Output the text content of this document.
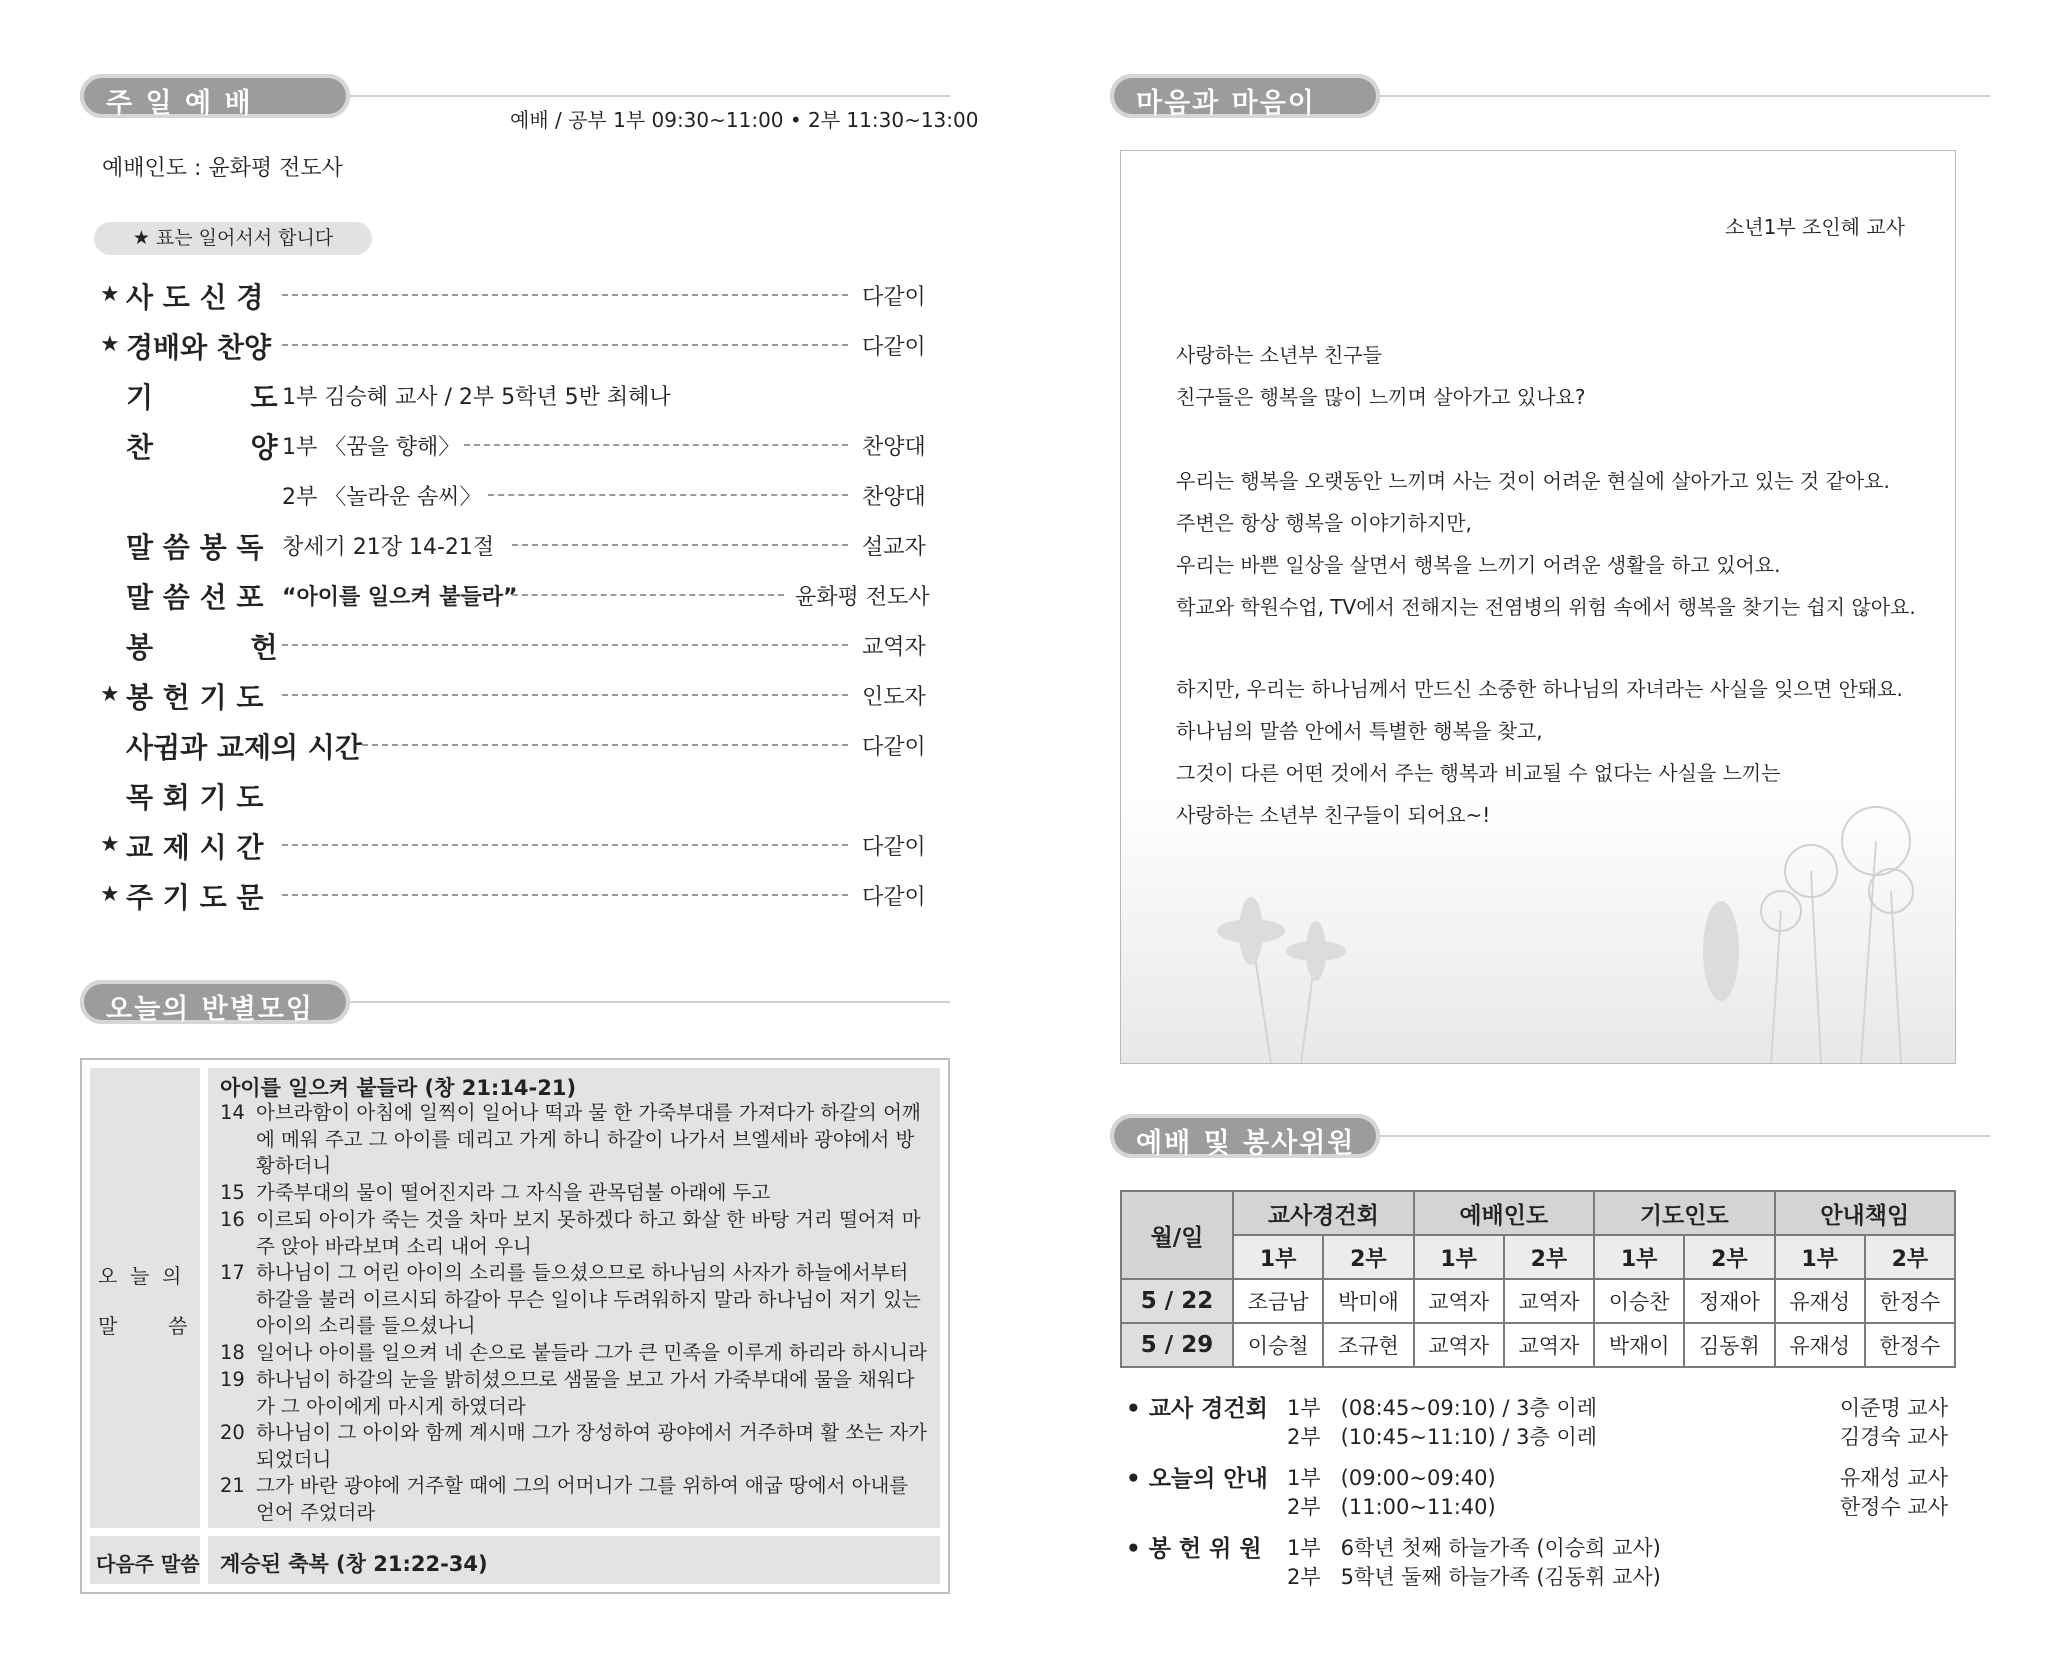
주 일 예 배
예배 / 공부 1부 09:30~11:00 • 2부 11:30~13:00
예배인도 : 윤화평 전도사
★ 표는 일어서서 합니다
★ 사 도 신 경	다같이
★ 경배와 찬양	다같이
기          도 1부 김승혜 교사 / 2부 5학년 5반 최혜나
찬          양 1부 〈꿈을 향해〉	찬양대
2부 〈놀라운 솜씨〉	찬양대
말 씀 봉 독 창세기 21장 14-21절	설교자
말 씀 선 포 “아이를 일으켜 붙들라”	윤화평 전도사
봉          헌	교역자
★ 봉 헌 기 도	인도자
사귐과 교제의 시간	다같이
목 회 기 도
★ 교 제 시 간	다같이
★ 주 기 도 문	다같이
오늘의 반별모임
오  늘  의
말        씀
아이를 일으켜 붙들라 (창 21:14-21)
14 아브라함이 아침에 일찍이 일어나 떡과 물 한 가죽부대를 가져다가 하갈의 어깨에 메워 주고 그 아이를 데리고 가게 하니 하갈이 나가서 브엘세바 광야에서 방황하더니
15 가죽부대의 물이 떨어진지라 그 자식을 관목덤불 아래에 두고
16 이르되 아이가 죽는 것을 차마 보지 못하겠다 하고 화살 한 바탕 거리 떨어져 마주 앉아 바라보며 소리 내어 우니
17 하나님이 그 어린 아이의 소리를 들으셨으므로 하나님의 사자가 하늘에서부터 하갈을 불러 이르시되 하갈아 무슨 일이냐 두려워하지 말라 하나님이 저기 있는 아이의 소리를 들으셨나니
18 일어나 아이를 일으켜 네 손으로 붙들라 그가 큰 민족을 이루게 하리라 하시니라
19 하나님이 하갈의 눈을 밝히셨으므로 샘물을 보고 가서 가죽부대에 물을 채워다가 그 아이에게 마시게 하였더라
20 하나님이 그 아이와 함께 계시매 그가 장성하여 광야에서 거주하며 활 쏘는 자가 되었더니
21 그가 바란 광야에 거주할 때에 그의 어머니가 그를 위하여 애굽 땅에서 아내를 얻어 주었더라
다음주 말씀 계승된 축복 (창 21:22-34)
마음과 마음이
소년1부 조인혜 교사
사랑하는 소년부 친구들
친구들은 행복을 많이 느끼며 살아가고 있나요?
우리는 행복을 오랫동안 느끼며 사는 것이 어려운 현실에 살아가고 있는 것 같아요.
주변은 항상 행복을 이야기하지만,
우리는 바쁜 일상을 살면서 행복을 느끼기 어려운 생활을 하고 있어요.
학교와 학원수업, TV에서 전해지는 전염병의 위험 속에서 행복을 찾기는 쉽지 않아요.
하지만, 우리는 하나님께서 만드신 소중한 하나님의 자녀라는 사실을 잊으면 안돼요.
하나님의 말씀 안에서 특별한 행복을 찾고,
그것이 다른 어떤 것에서 주는 행복과 비교될 수 없다는 사실을 느끼는
사랑하는 소년부 친구들이 되어요~!
예배 및 봉사위원
월/일	교사경건회		예배인도		기도인도		안내책임	
	1부	2부	1부	2부	1부	2부	1부	2부
5 / 22	조금남	박미애	교역자	교역자	이승찬	정재아	유재성	한정수
5 / 29	이승철	조규현	교역자	교역자	박재이	김동휘	유재성	한정수
• 교사 경건회 1부   (08:45~09:10) / 3층 이레
2부   (10:45~11:10) / 3층 이레
이준명 교사
김경숙 교사
• 오늘의 안내 1부   (09:00~09:40)
2부   (11:00~11:40)
유재성 교사
한정수 교사
• 봉 헌 위 원 1부   6학년 첫째 하늘가족 (이승희 교사)
2부   5학년 둘째 하늘가족 (김동휘 교사)
